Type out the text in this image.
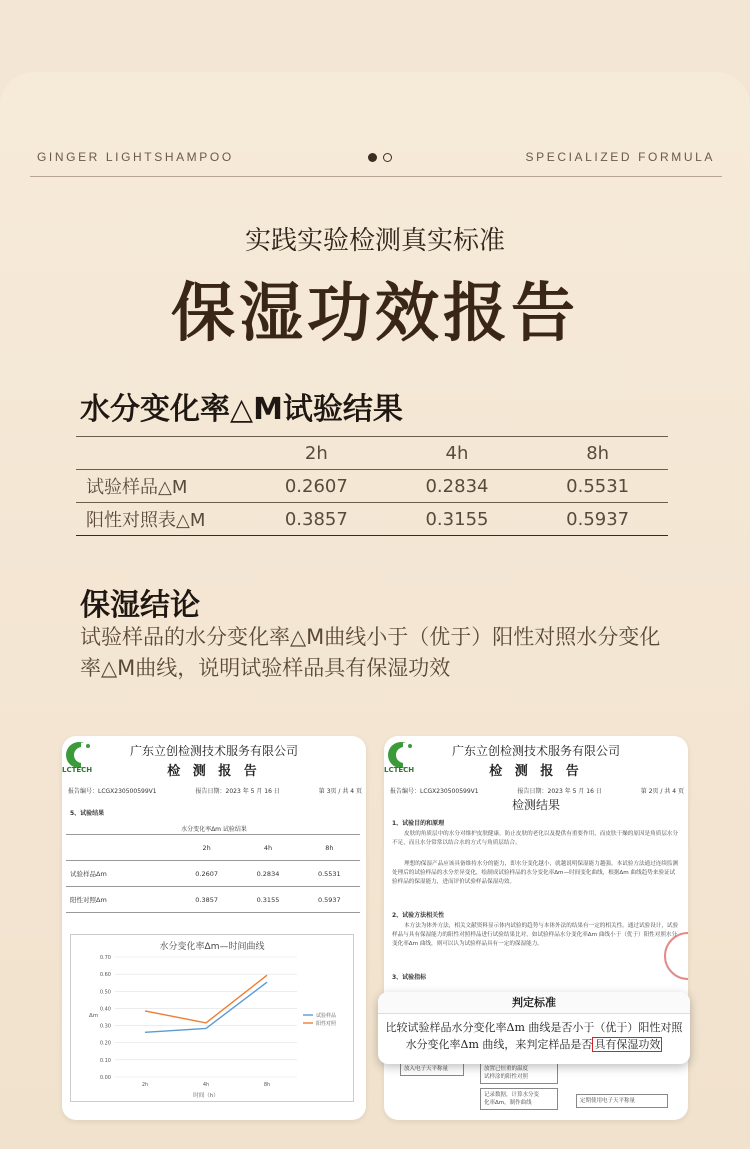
GINGER LIGHTSHAMPOO	SPECIALIZED FORMULA
实践实验检测真实标准
保湿功效报告
水分变化率△M试验结果
	2h	4h	8h
试验样品△M	0.2607	0.2834	0.5531
阳性对照表△M	0.3857	0.3155	0.5937
保湿结论
试验样品的水分变化率△M曲线小于（优于）阳性对照水分变化率△M曲线，说明试验样品具有保湿功效
LCTECH
广东立创检测技术服务有限公司
检 测 报 告
报告编号：LCGX230500599V1	报告日期：2023 年 5 月 16 日	第 3页 / 共 4 页
5、试验结果
水分变化率Δm 试验结果
	2h	4h	8h
试验样品Δm	0.2607	0.2834	0.5531
阳性对照Δm	0.3857	0.3155	0.5937
水分变化率Δm—时间曲线
0.00
0.10
0.20
0.30
0.40
0.50
0.60
0.70
2h	4h	8h
时间（h）
Δm	试验样品
阳性对照
LCTECH
广东立创检测技术服务有限公司
检 测 报 告
报告编号：LCGX230500599V1	报告日期：2023 年 5 月 16 日	第 2页 / 共 4 页
检测结果
1、试验目的和原理
皮肤的角质层中的水分对维护皮肤健康，防止皮肤的老化以及提供有重要作用，而皮肤干燥的原因是角质层水分不足，而且水分常常以结合水的方式与角质层结合。
理想的保湿产品应该具备维持水分的能力，即水分变化越小，就越说明保湿能力越强。本试验方法通过连续监测处理后的试验样品的水分差异变化，绘制成试验样品的水分变化率Δm—时间变化曲线，根据Δm 曲线趋势来验证试验样品的保湿能力，进而评价试验样品保湿功效。
2、试验方法相关性
本方法为体外方法，相关文献资料显示体内试验的趋势与本体外法的结果有一定的相关性。通过试验设计，试验样品与具有保湿能力的阳性对照样品进行试验结果比对，如试验样品水分变化率Δm 曲线小于（优于）阳性对照水分变化率Δm 曲线，则可以认为试验样品具有一定的保湿能力。
3、试验指标
放入电子天平称量	放置已恒重的温度
试样涂的阳性对照
记录数据，计算水分变
化率Δm，制作曲线	定期使用电子天平称量
判定标准
比较试验样品水分变化率Δm 曲线是否小于（优于）阳性对照
水分变化率Δm 曲线，来判定样品是否 具有保湿功效
